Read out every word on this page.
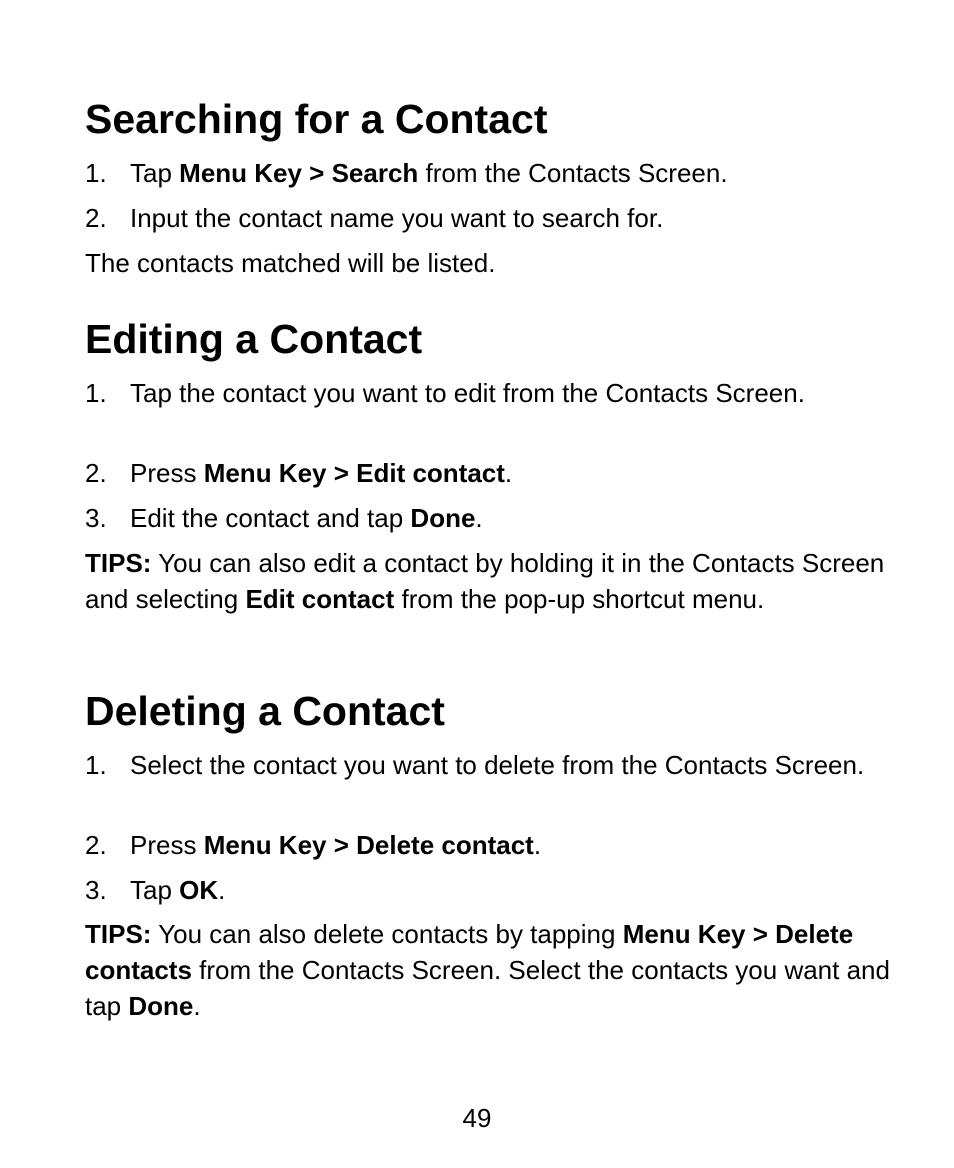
Searching for a Contact
1. Tap Menu Key > Search from the Contacts Screen.
2. Input the contact name you want to search for.
The contacts matched will be listed.
Editing a Contact
1. Tap the contact you want to edit from the Contacts Screen.
2. Press Menu Key > Edit contact.
3. Edit the contact and tap Done.
TIPS: You can also edit a contact by holding it in the Contacts Screen and selecting Edit contact from the pop-up shortcut menu.
Deleting a Contact
1. Select the contact you want to delete from the Contacts Screen.
2. Press Menu Key > Delete contact.
3. Tap OK.
TIPS: You can also delete contacts by tapping Menu Key > Delete contacts from the Contacts Screen. Select the contacts you want and tap Done.
49
